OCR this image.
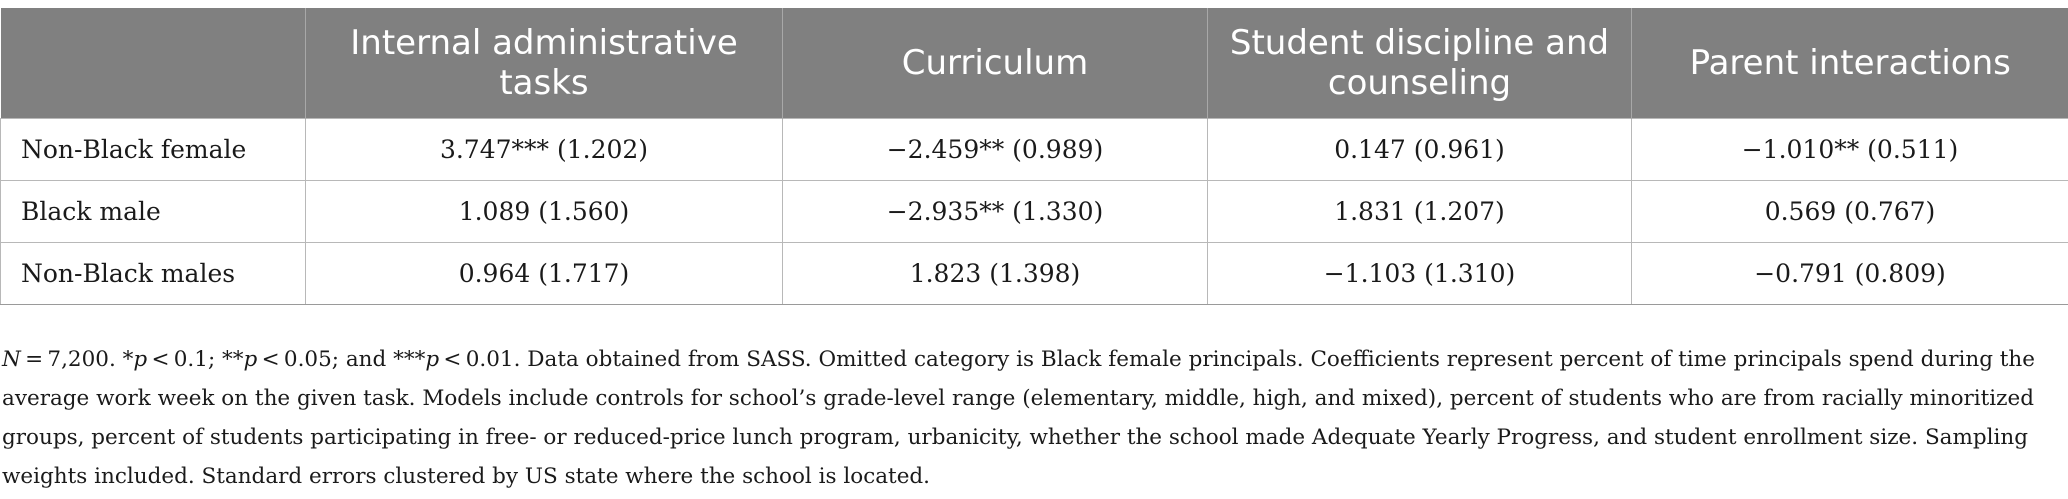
	Internal administrative tasks	Curriculum	Student discipline and counseling	Parent interactions
Non-Black female	3.747*** (1.202)	−2.459** (0.989)	0.147 (0.961)	−1.010** (0.511)
Black male	1.089 (1.560)	−2.935** (1.330)	1.831 (1.207)	0.569 (0.767)
Non-Black males	0.964 (1.717)	1.823 (1.398)	−1.103 (1.310)	−0.791 (0.809)
N = 7,200. *p < 0.1; **p < 0.05; and ***p < 0.01. Data obtained from SASS. Omitted category is Black female principals. Coefficients represent percent of time principals spend during the average work week on the given task. Models include controls for school’s grade-level range (elementary, middle, high, and mixed), percent of students who are from racially minoritized groups, percent of students participating in free- or reduced-price lunch program, urbanicity, whether the school made Adequate Yearly Progress, and student enrollment size. Sampling weights included. Standard errors clustered by US state where the school is located.
